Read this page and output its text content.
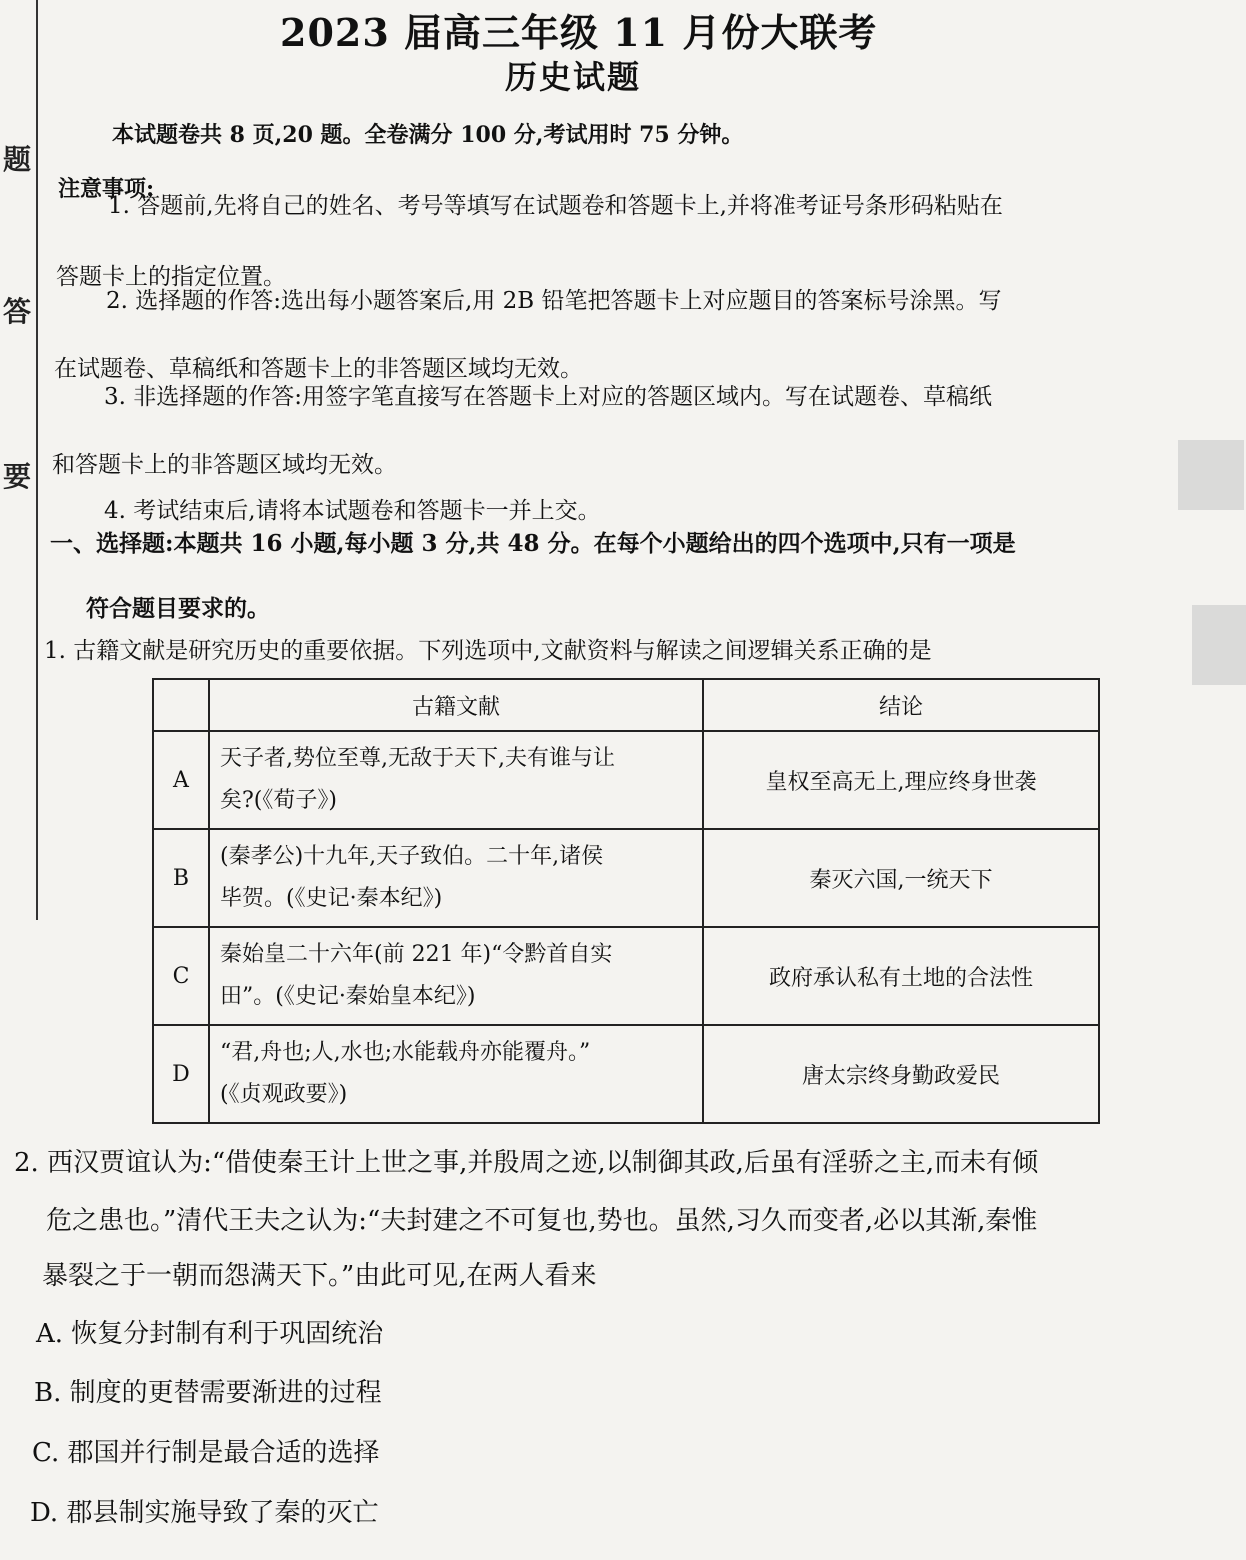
题
答
要
2023 届高三年级 11 月份大联考
历史试题
本试题卷共 8 页,20 题。全卷满分 100 分,考试用时 75 分钟。
注意事项:
1. 答题前,先将自己的姓名、考号等填写在试题卷和答题卡上,并将准考证号条形码粘贴在
答题卡上的指定位置。
2. 选择题的作答:选出每小题答案后,用 2B 铅笔把答题卡上对应题目的答案标号涂黑。写
在试题卷、草稿纸和答题卡上的非答题区域均无效。
3. 非选择题的作答:用签字笔直接写在答题卡上对应的答题区域内。写在试题卷、草稿纸
和答题卡上的非答题区域均无效。
4. 考试结束后,请将本试题卷和答题卡一并上交。
一、选择题:本题共 16 小题,每小题 3 分,共 48 分。在每个小题给出的四个选项中,只有一项是
符合题目要求的。
1. 古籍文献是研究历史的重要依据。下列选项中,文献资料与解读之间逻辑关系正确的是
	古籍文献	结论
A	天子者,势位至尊,无敌于天下,夫有谁与让
矣?(《荀子》)	皇权至高无上,理应终身世袭
B	(秦孝公)十九年,天子致伯。二十年,诸侯
毕贺。(《史记·秦本纪》)	秦灭六国,一统天下
C	秦始皇二十六年(前 221 年)“令黔首自实
田”。(《史记·秦始皇本纪》)	政府承认私有土地的合法性
D	“君,舟也;人,水也;水能载舟亦能覆舟。”
(《贞观政要》)	唐太宗终身勤政爱民
2. 西汉贾谊认为:“借使秦王计上世之事,并殷周之迹,以制御其政,后虽有淫骄之主,而未有倾
危之患也。”清代王夫之认为:“夫封建之不可复也,势也。虽然,习久而变者,必以其渐,秦惟
暴裂之于一朝而怨满天下。”由此可见,在两人看来
A. 恢复分封制有利于巩固统治
B. 制度的更替需要渐进的过程
C. 郡国并行制是最合适的选择
D. 郡县制实施导致了秦的灭亡
